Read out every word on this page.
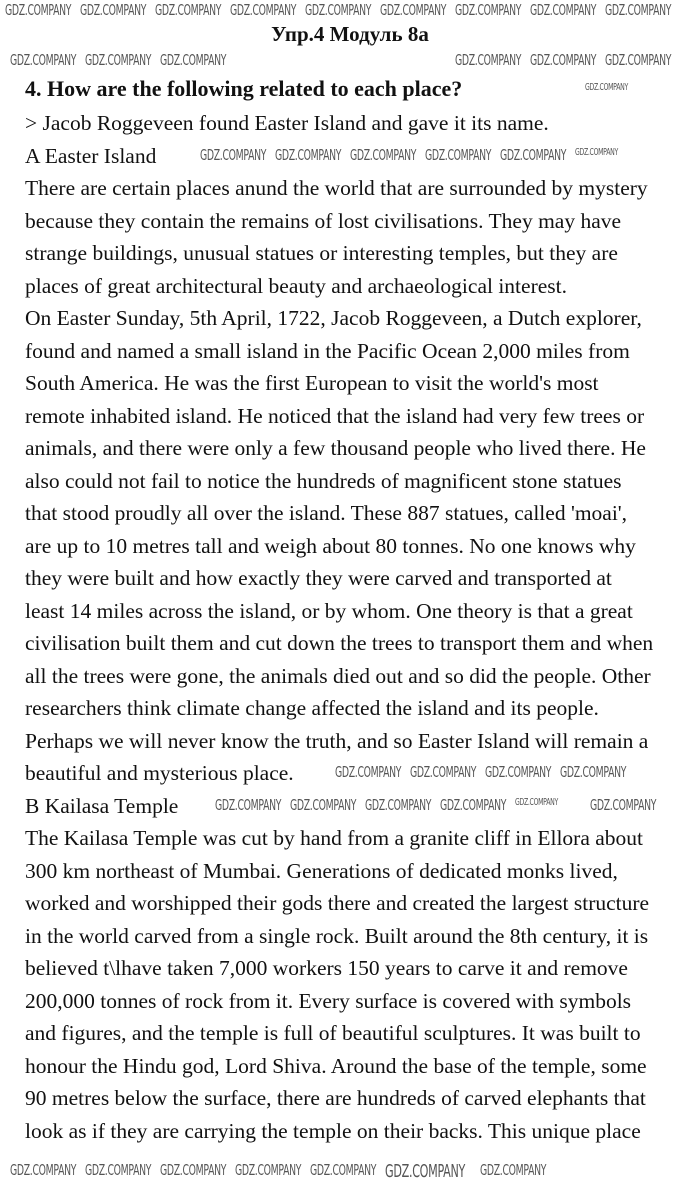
Упр.4 Модуль 8а
4. How are the following related to each place?
> Jacob Roggeveen found Easter Island and gave it its name.
A Easter Island
There are certain places anund the world that are surrounded by mystery
because they contain the remains of lost civilisations. They may have
strange buildings, unusual statues or interesting temples, but they are
places of great architectural beauty and archaeological interest.
On Easter Sunday, 5th April, 1722, Jacob Roggeveen, a Dutch explorer,
found and named a small island in the Pacific Ocean 2,000 miles from
South America. He was the first European to visit the world's most
remote inhabited island. He noticed that the island had very few trees or
animals, and there were only a few thousand people who lived there. He
also could not fail to notice the hundreds of magnificent stone statues
that stood proudly all over the island. These 887 statues, called 'moai',
are up to 10 metres tall and weigh about 80 tonnes. No one knows why
they were built and how exactly they were carved and transported at
least 14 miles across the island, or by whom. One theory is that a great
civilisation built them and cut down the trees to transport them and when
all the trees were gone, the animals died out and so did the people. Other
researchers think climate change affected the island and its people.
Perhaps we will never know the truth, and so Easter Island will remain a
beautiful and mysterious place.
B Kailasa Temple
The Kailasa Temple was cut by hand from a granite cliff in Ellora about
300 km northeast of Mumbai. Generations of dedicated monks lived,
worked and worshipped their gods there and created the largest structure
in the world carved from a single rock. Built around the 8th century, it is
believed t\lhave taken 7,000 workers 150 years to carve it and remove
200,000 tonnes of rock from it. Every surface is covered with symbols
and figures, and the temple is full of beautiful sculptures. It was built to
honour the Hindu god, Lord Shiva. Around the base of the temple, some
90 metres below the surface, there are hundreds of carved elephants that
look as if they are carrying the temple on their backs. This unique place
GDZ.COMPANY GDZ.COMPANY GDZ.COMPANY GDZ.COMPANY GDZ.COMPANY GDZ.COMPANY GDZ.COMPANY GDZ.COMPANY GDZ.COMPANY
GDZ.COMPANY GDZ.COMPANY GDZ.COMPANY	GDZ.COMPANY GDZ.COMPANY GDZ.COMPANY
GDZ.COMPANY
GDZ.COMPANY GDZ.COMPANY GDZ.COMPANY GDZ.COMPANY GDZ.COMPANY GDZ.COMPANY
GDZ.COMPANY GDZ.COMPANY GDZ.COMPANY GDZ.COMPANY
GDZ.COMPANY GDZ.COMPANY GDZ.COMPANY GDZ.COMPANY GDZ.COMPANY GDZ.COMPANY
GDZ.COMPANY GDZ.COMPANY GDZ.COMPANY GDZ.COMPANY GDZ.COMPANY GDZ.COMPANY GDZ.COMPANY
